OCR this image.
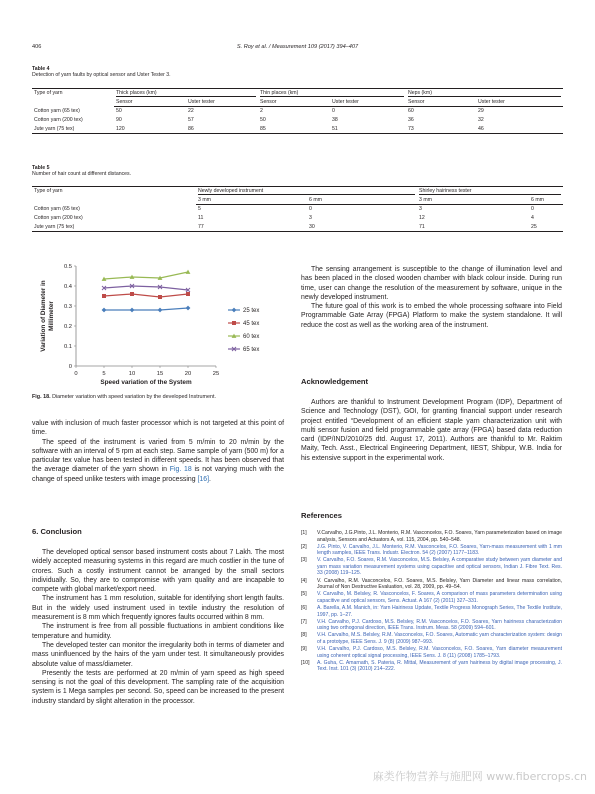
406	S. Roy et al. / Measurement 109 (2017) 394–407
Table 4
Detection of yarn faults by optical sensor and Uster Tester 3.
Type of yarn	Thick places (km)		Thin places (km)		Neps (km)	

	Sensor	Uster tester	Sensor	Uster tester	Sensor	Uster tester
Cotton yarn (65 tex)	50	22	2	0	60	29
Cotton yarn (200 tex)	90	57	50	38	36	32
Jute yarn (75 tex)	120	86	85	51	73	46
Table 5
Number of hair count at different distances.
Type of yarn	Newly developed instrument		Shirley hairiness tester	

	3 mm	6 mm	3 mm	6 mm
Cotton yarn (65 tex)	5	0	3	0
Cotton yarn (200 tex)	11	3	12	4
Jute yarn (75 tex)	77	30	71	25
0
0.1
0.2
0.3
0.4
0.5
0	5	10	15	20	25
Speed variation of the System
Variation of Diameter in Millimeter	25 tex
45 tex
60 tex
65 tex
Fig. 18. Diameter variation with speed variation by the developed Instrument.

value with inclusion of much faster processor which is not targeted at this point of time.

The speed of the instrument is varied from 5 m/min to 20 m/min by the software with an interval of 5 rpm at each step. Same sample of yarn (500 m) for a particular tex value has been tested in different speeds. It has been observed that the average diameter of the yarn shown in Fig. 18 is not varying much with the change of speed unlike testers with image processing [16].

6. Conclusion

The developed optical sensor based instrument costs about 7 Lakh. The most widely accepted measuring systems in this regard are much costlier in the tune of crores. Such a costly instrument cannot be arranged by the small sectors individually. So, they are to compromise with yarn quality and are incapable to compete with global market/export need.

The instrument has 1 mm resolution, suitable for identifying short length faults. But in the widely used instrument used in textile industry the resolution of measurement is 8 mm which frequently ignores faults occurred within 8 mm.

The instrument is free from all possible fluctuations in ambient conditions like temperature and humidity.

The developed tester can monitor the irregularity both in terms of diameter and mass uninfluenced by the hairs of the yarn under test. It simultaneously provides absolute value of mass/diameter.

Presently the tests are performed at 20 m/min of yarn speed as high speed sensing is not the goal of this development. The sampling rate of the acquisition system is 1 Mega samples per second. So, speed can be increased to the present industry standard by slight alteration in the processor.

The sensing arrangement is susceptible to the change of illumination level and has been placed in the closed wooden chamber with black colour inside. During run time, user can change the resolution of the measurement by software, unique in the newly developed instrument.

The future goal of this work is to embed the whole processing software into Field Programmable Gate Array (FPGA) Platform to make the system standalone. It will reduce the cost as well as the working area of the instrument.

Acknowledgement

Authors are thankful to Instrument Development Program (IDP), Department of Science and Technology (DST), GOI, for granting financial support under research project entitled “Development of an efficient staple yarn characterization unit with multi sensor fusion and field programmable gate array (FPGA) based data reduction card (IDP/IND/2010/25 dtd. August 17, 2011). Authors are thankful to Mr. Raktim Maity, Tech. Asst., Electrical Engineering Department, IIEST, Shibpur, W.B. India for his extensive support in the experimental work.

References
[1] V.Carvalho, J.G.Pinto, J.L. Monterio, R.M. Vasconcelos, F.O. Soares, Yarn parameterization based on image analysis, Sensors and Actuators A, vol. 115, 2004, pp. 540–548.
[2] J.G. Pinto, V. Carvalho, J.L. Monterio, R.M. Vasconcelos, F.O. Soares, Yarn-mass measurement with 1 mm length samples, IEEE Trans. Industr. Electron. 54 (2) (2007) 1177–1183.
[3] V. Carvalho, F.O. Soares, R.M. Vasconcelos, M.S. Belsley, A comparative study between yarn diameter and yarn mass variation measurement systems using capacitive and optical sensors, Indian J. Fibre Text. Res. 33 (2008) 119–125.
[4] V. Carvalho, R.M. Vasconcelos, F.O. Soares, M.S. Belsley, Yarn Diameter and linear mass correlation, Journal of Non Destructive Evaluation, vol. 28, 2009, pp. 49–54.
[5] V. Carvalho, M. Belsley, R. Vasconcelos, F. Soares, A comparison of mass parameters determination using capacitive and optical sensors, Sens. Actuat. A 167 (2) (2011) 327–331.
[6] A. Barella, A.M. Manich, in: Yarn Hairiness Update, Textile Progress Monograph Series, The Textile Institute, 1997, pp. 1–27.
[7] V.H. Carvalho, P.J. Cardoso, M.S. Belsley, R.M. Vasconcelos, F.O. Soares, Yarn hairiness characterization using two orthogonal direction, IEEE Trans. Instrum. Meas. 58 (2009) 594–601.
[8] V.H. Carvalho, M.S. Belsley, R.M. Vasconcelos, F.O. Soares, Automatic yarn characterization system: design of a prototype, IEEE Sens. J. 9 (8) (2009) 987–993.
[9] V.H. Carvalho, P.J. Cardoso, M.S. Belsley, R.M. Vasconcelos, F.O. Soares, Yarn diameter measurement using coherent optical signal processing, IEEE Sens. J. 8 (11) (2008) 1785–1793.
[10] A. Guha, C. Amarnath, S. Pateria, R. Mittal, Measurement of yarn hairiness by digital image processing, J. Text. Inst. 101 (3) (2010) 214–222.
麻类作物营养与施肥网 www.fibercrops.cn
